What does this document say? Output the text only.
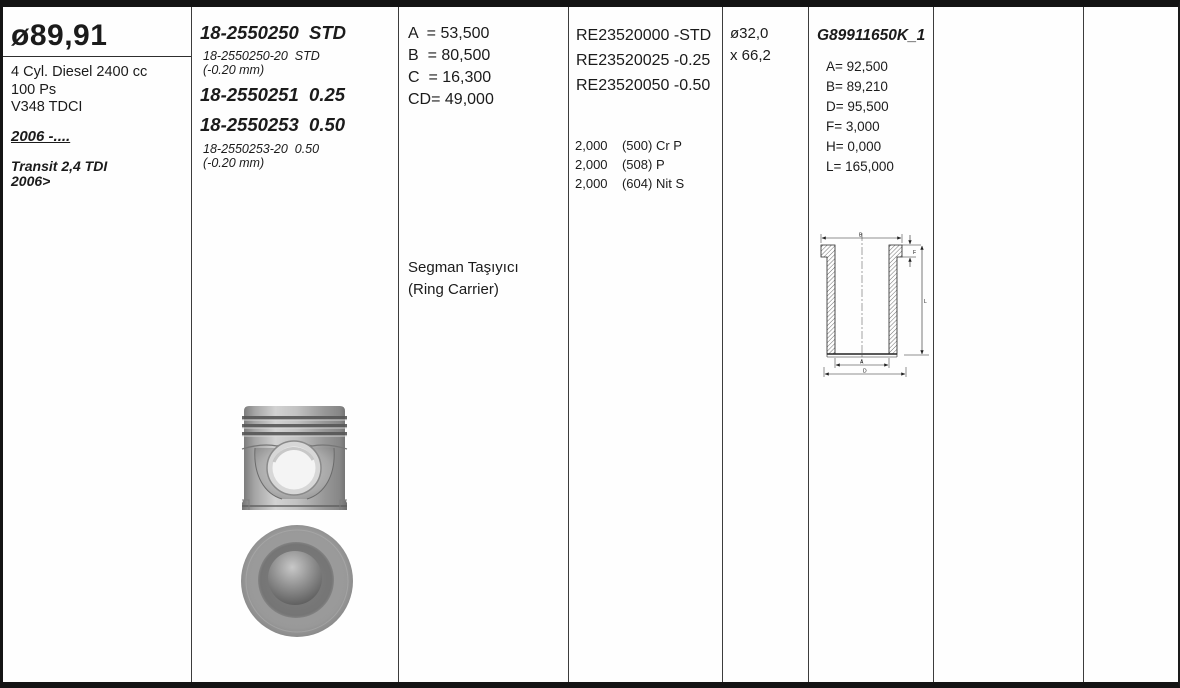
ø89,91
4 Cyl. Diesel 2400 cc
100 Ps
V348 TDCI
2006 -....
Transit 2,4 TDI
2006>
18-2550250  STD
18-2550250-20  STD
(-0.20 mm)
18-2550251  0.25
18-2550253  0.50
18-2550253-20  0.50
(-0.20 mm)
A  = 53,500
B  = 80,500
C  = 16,300
CD= 49,000
Segman Taşıyıcı
(Ring Carrier)
RE23520000 -STD
RE23520025 -0.25
RE23520050 -0.50
2,000    (500) Cr P
2,000    (508) P
2,000    (604) Nit S
ø32,0
x 66,2
G89911650K_1
A= 92,500
B= 89,210
D= 95,500
F= 3,000
H= 0,000
L= 165,000
B
F
L
A
D
